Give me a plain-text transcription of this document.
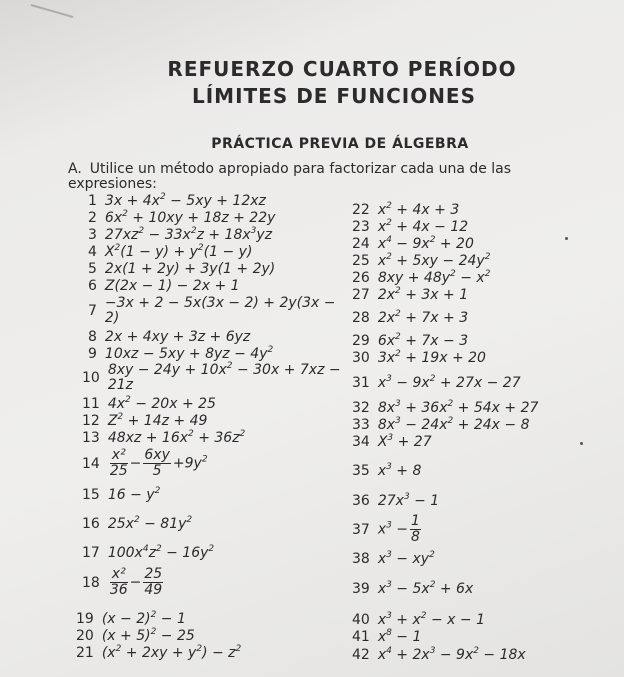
REFUERZO CUARTO PERÍODO
LÍMITES DE FUNCIONES
PRÁCTICA PREVIA DE ÁLGEBRA
A. Utilice un método apropiado para factorizar cada una de las
expresiones:
1 $3x + 4x^2 - 5xy + 12xz$
2 $6x^2 + 10xy + 18z + 22y$
3 $27xz^2 - 33x^2z + 18x^3yz$
4 $X^2(1 - y) + y^2(1 - y)$
5 2x(1 + 2y) + 3y(1 + 2y)
6 Z(2x − 1) − 2x + 1
7 −3x + 2 − 5x(3x − 2) + 2y(3x −
2)
8 2x + 4xy + 3z + 6yz
9 $10xz - 5xy + 8yz - 4y^2$
10 $8xy - 24y + 10x^2 - 30x + 7xz$ −
21z
11 $4x^2 - 20x + 25$
12 $Z^2 + 14z + 49$
13 $48xz + 16x^2 + 36z^2$
$14 \frac{\text{x²}}{25} - \frac{6xy}{5} +9y^2$
15 $16 - y^2$
16 $25x^2 - 81y^2$
17 $100x^4z^2 - 16y^2$
$18 \frac{\text{x²}}{36} - \frac{25}{49}$
19 $(x - 2)^2 - 1$
20 $(x + 5)^2 - 25$
21 $(x^2 + 2xy + y^2) - z^2$
22 $x^2 + 4x + 3$
23 $x^2 + 4x - 12$
24 $x^4 - 9x^2 + 20$
25 $x^2 + 5xy - 24y^2$
26 $8xy + 48y^2 - x^2$
27 $2x^2 + 3x + 1$
28 $2x^2 + 7x + 3$
29 $6x^2 + 7x - 3$
30 $3x^2 + 19x + 20$
31 $x^3 - 9x^2 + 27x - 27$
32 $8x^3 + 36x^2 + 54x + 27$
33 $8x^3 - 24x^2 + 24x - 8$
34 $X^3 + 27$
35 $x^3 + 8$
36 $27x^3 - 1$
37 $x^3 - \frac{1}{8}$
38 $x^3 - xy^2$
39 $x^3 - 5x^2 + 6x$
40 $x^3 + x^2 - x - 1$
41 $x^8 - 1$
42 $x^4 + 2x^3 - 9x^2 - 18x$
